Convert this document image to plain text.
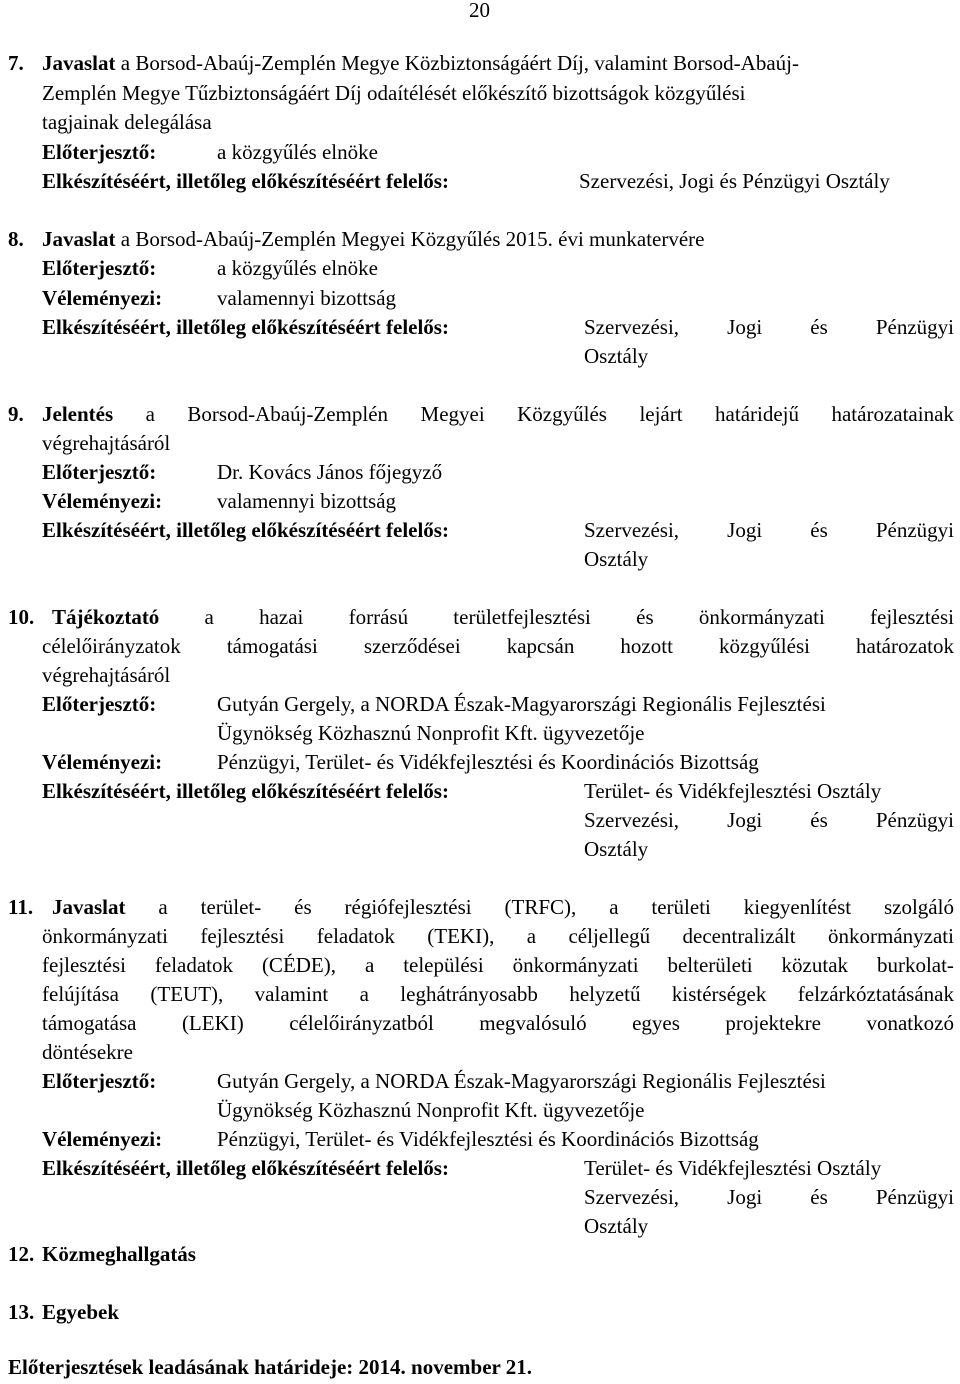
20
7. Javaslat a Borsod-Abaúj-Zemplén Megye Közbiztonságáért Díj, valamint Borsod-Abaúj-
Zemplén Megye Tűzbiztonságáért Díj odaítélését előkészítő bizottságok közgyűlési
tagjainak delegálása
Előterjesztő:	a közgyűlés elnöke
Elkészítéséért, illetőleg előkészítéséért felelős:	Szervezési, Jogi és Pénzügyi Osztály
8. Javaslat a Borsod-Abaúj-Zemplén Megyei Közgyűlés 2015. évi munkatervére
Előterjesztő:	a közgyűlés elnöke
Véleményezi:	valamennyi bizottság
Elkészítéséért, illetőleg előkészítéséért felelős:	Szervezési, Jogi és Pénzügyi
Osztály
9. Jelentés a Borsod-Abaúj-Zemplén Megyei Közgyűlés lejárt határidejű határozatainak
végrehajtásáról
Előterjesztő:	Dr. Kovács János főjegyző
Véleményezi:	valamennyi bizottság
Elkészítéséért, illetőleg előkészítéséért felelős:	Szervezési, Jogi és Pénzügyi
Osztály
10. Tájékoztató a hazai forrású területfejlesztési és önkormányzati fejlesztési
célelőirányzatok támogatási szerződései kapcsán hozott közgyűlési határozatok
végrehajtásáról
Előterjesztő:	Gutyán Gergely, a NORDA Észak-Magyarországi Regionális Fejlesztési
Ügynökség Közhasznú Nonprofit Kft. ügyvezetője
Véleményezi:	Pénzügyi, Terület- és Vidékfejlesztési és Koordinációs Bizottság
Elkészítéséért, illetőleg előkészítéséért felelős:	Terület- és Vidékfejlesztési Osztály
Szervezési, Jogi és Pénzügyi
Osztály
11. Javaslat a terület- és régiófejlesztési (TRFC), a területi kiegyenlítést szolgáló
önkormányzati fejlesztési feladatok (TEKI), a céljellegű decentralizált önkormányzati
fejlesztési feladatok (CÉDE), a települési önkormányzati belterületi közutak burkolat-
felújítása (TEUT), valamint a leghátrányosabb helyzetű kistérségek felzárkóztatásának
támogatása (LEKI) célelőirányzatból megvalósuló egyes projektekre vonatkozó
döntésekre
Előterjesztő:	Gutyán Gergely, a NORDA Észak-Magyarországi Regionális Fejlesztési
Ügynökség Közhasznú Nonprofit Kft. ügyvezetője
Véleményezi:	Pénzügyi, Terület- és Vidékfejlesztési és Koordinációs Bizottság
Elkészítéséért, illetőleg előkészítéséért felelős:	Terület- és Vidékfejlesztési Osztály
Szervezési, Jogi és Pénzügyi
Osztály
12. Közmeghallgatás
13. Egyebek
Előterjesztések leadásának határideje: 2014. november 21.
